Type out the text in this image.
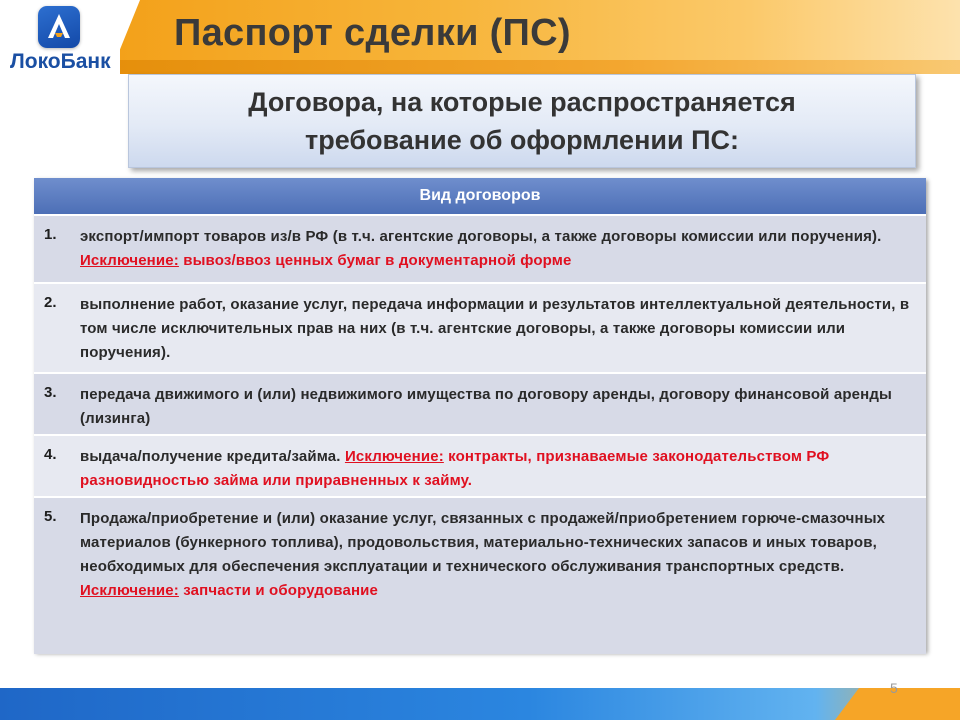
Паспорт сделки (ПС)
ЛокоБанк
Договора, на которые распространяется
требование об оформлении ПС:
Вид договоров
1. экспорт/импорт товаров из/в РФ (в т.ч. агентские договоры, а также договоры комиссии или поручения). Исключение: вывоз/ввоз ценных бумаг в документарной форме
2. выполнение работ, оказание услуг, передача информации и результатов интеллектуальной деятельности, в том числе исключительных прав на них (в т.ч. агентские договоры, а также договоры комиссии или поручения).
3. передача движимого и (или) недвижимого имущества по договору аренды, договору финансовой аренды (лизинга)
4. выдача/получение кредита/займа. Исключение: контракты, признаваемые законодательством РФ разновидностью займа или приравненных к займу.
5. Продажа/приобретение и (или) оказание услуг, связанных с продажей/приобретением горюче-смазочных материалов (бункерного топлива), продовольствия, материально-технических запасов и иных товаров, необходимых для обеспечения эксплуатации и технического обслуживания транспортных средств. Исключение: запчасти и оборудование
5
